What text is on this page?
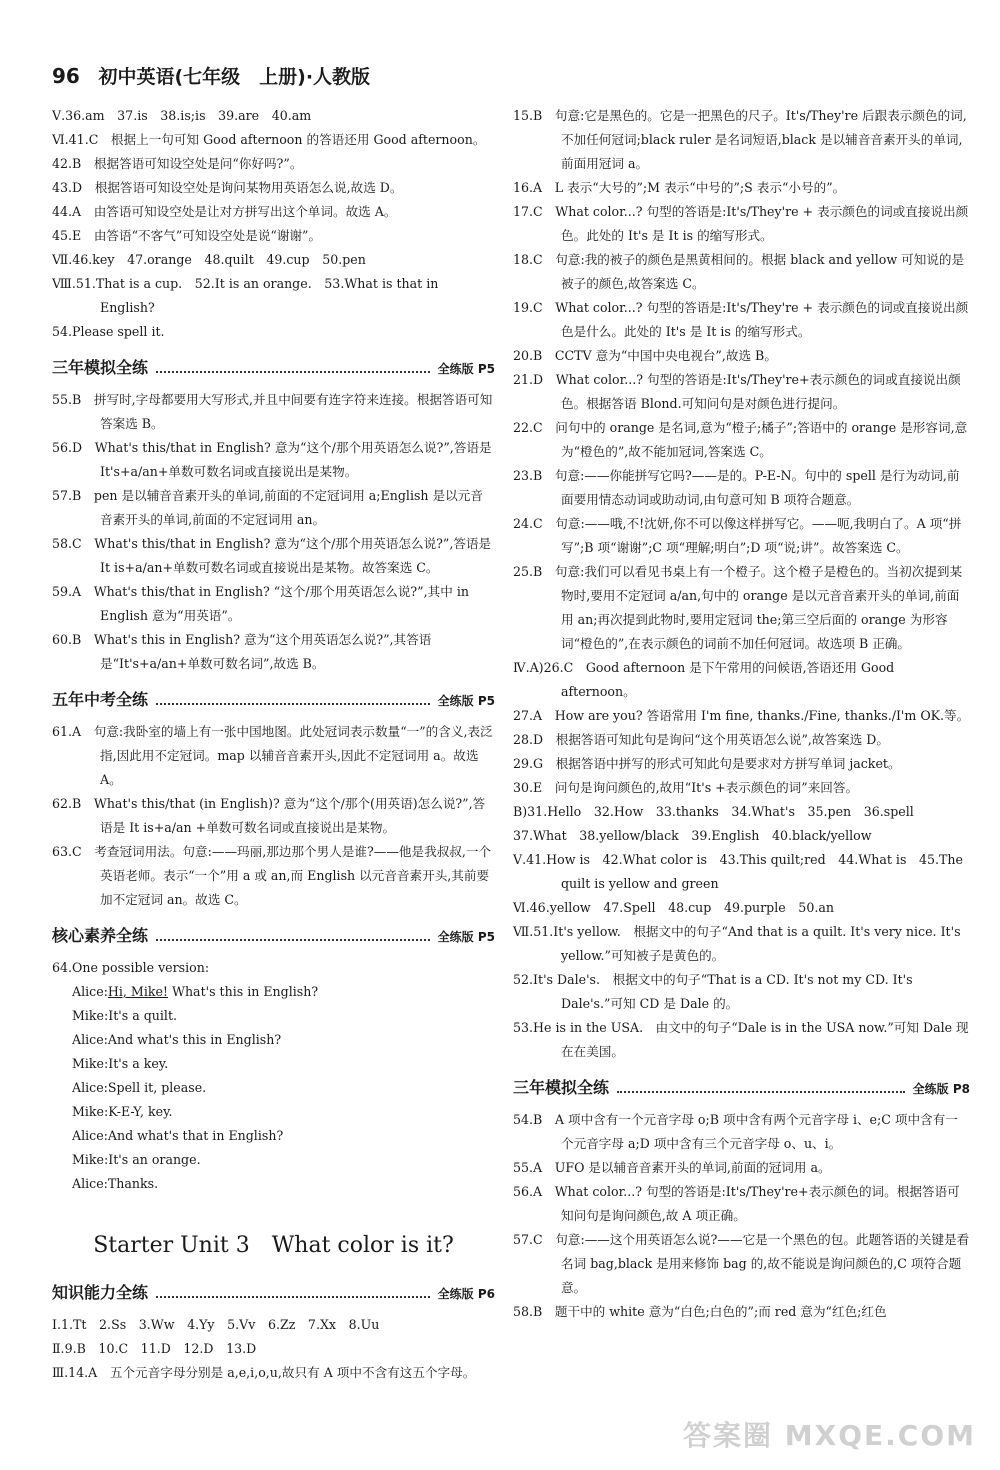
96 初中英语(七年级　上册)·人教版

Ⅴ.36.am　37.is　38.is;is　39.are　40.am

Ⅵ.41.C　根据上一句可知 Good afternoon 的答语还用 Good afternoon。

42.B　根据答语可知设空处是问“你好吗?”。

43.D　根据答语可知设空处是询问某物用英语怎么说,故选 D。

44.A　由答语可知设空处是让对方拼写出这个单词。故选 A。

45.E　由答语“不客气”可知设空处是说“谢谢”。

Ⅶ.46.key　47.orange　48.quilt　49.cup　50.pen

Ⅷ.51.That is a cup.　52.It is an orange.　53.What is that in English?

54.Please spell it.

三年模拟全练	全练版 P5

55.B　拼写时,字母都要用大写形式,并且中间要有连字符来连接。根据答语可知答案选 B。

56.D　What's this/that in English? 意为“这个/那个用英语怎么说?”,答语是 It's+a/an+单数可数名词或直接说出是某物。

57.B　pen 是以辅音音素开头的单词,前面的不定冠词用 a;English 是以元音音素开头的单词,前面的不定冠词用 an。

58.C　What's this/that in English? 意为“这个/那个用英语怎么说?”,答语是 It is+a/an+单数可数名词或直接说出是某物。故答案选 C。

59.A　What's this/that in English? “这个/那个用英语怎么说?”,其中 in English 意为“用英语”。

60.B　What's this in English? 意为“这个用英语怎么说?”,其答语是“It's+a/an+单数可数名词”,故选 B。

五年中考全练	全练版 P5

61.A　句意:我卧室的墙上有一张中国地图。此处冠词表示数量“一”的含义,表泛指,因此用不定冠词。map 以辅音音素开头,因此不定冠词用 a。故选 A。

62.B　What's this/that (in English)? 意为“这个/那个(用英语)怎么说?”,答语是 It is+a/an +单数可数名词或直接说出是某物。

63.C　考查冠词用法。句意:——玛丽,那边那个男人是谁?——他是我叔叔,一个英语老师。表示“一个”用 a 或 an,而 English 以元音音素开头,其前要加不定冠词 an。故选 C。

核心素养全练	全练版 P5

64.One possible version:

Alice:Hi, Mike! What's this in English?

Mike:It's a quilt.

Alice:And what's this in English?

Mike:It's a key.

Alice:Spell it, please.

Mike:K-E-Y, key.

Alice:And what's that in English?

Mike:It's an orange.

Alice:Thanks.

Starter Unit 3　What color is it?
知识能力全练	全练版 P6

Ⅰ.1.Tt　2.Ss　3.Ww　4.Yy　5.Vv　6.Zz　7.Xx　8.Uu

Ⅱ.9.B　10.C　11.D　12.D　13.D

Ⅲ.14.A　五个元音字母分别是 a,e,i,o,u,故只有 A 项中不含有这五个字母。

15.B　句意:它是黑色的。它是一把黑色的尺子。It's/They're 后跟表示颜色的词,不加任何冠词;black ruler 是名词短语,black 是以辅音音素开头的单词,前面用冠词 a。

16.A　L 表示“大号的”;M 表示“中号的”;S 表示“小号的”。

17.C　What color...? 句型的答语是:It's/They're + 表示颜色的词或直接说出颜色。此处的 It's 是 It is 的缩写形式。

18.C　句意:我的被子的颜色是黑黄相间的。根据 black and yellow 可知说的是被子的颜色,故答案选 C。

19.C　What color...? 句型的答语是:It's/They're + 表示颜色的词或直接说出颜色是什么。此处的 It's 是 It is 的缩写形式。

20.B　CCTV 意为“中国中央电视台”,故选 B。

21.D　What color...? 句型的答语是:It's/They're+表示颜色的词或直接说出颜色。根据答语 Blond.可知问句是对颜色进行提问。

22.C　问句中的 orange 是名词,意为“橙子;橘子”;答语中的 orange 是形容词,意为“橙色的”,故不能加冠词,答案选 C。

23.B　句意:——你能拼写它吗?——是的。P-E-N。句中的 spell 是行为动词,前面要用情态动词或助动词,由句意可知 B 项符合题意。

24.C　句意:——哦,不!沈妍,你不可以像这样拼写它。——呃,我明白了。A 项“拼写”;B 项“谢谢”;C 项“理解;明白”;D 项“说;讲”。故答案选 C。

25.B　句意:我们可以看见书桌上有一个橙子。这个橙子是橙色的。当初次提到某物时,要用不定冠词 a/an,句中的 orange 是以元音音素开头的单词,前面用 an;再次提到此物时,要用定冠词 the;第三空后面的 orange 为形容词“橙色的”,在表示颜色的词前不加任何冠词。故选项 B 正确。

Ⅳ.A)26.C　Good afternoon 是下午常用的问候语,答语还用 Good afternoon。

27.A　How are you? 答语常用 I'm fine, thanks./Fine, thanks./I'm OK.等。

28.D　根据答语可知此句是询问“这个用英语怎么说”,故答案选 D。

29.G　根据答语中拼写的形式可知此句是要求对方拼写单词 jacket。

30.E　问句是询问颜色的,故用“It's +表示颜色的词”来回答。

B)31.Hello　32.How　33.thanks　34.What's　35.pen　36.spell

37.What　38.yellow/black　39.English　40.black/yellow

Ⅴ.41.How is　42.What color is　43.This quilt;red　44.What is　45.The quilt is yellow and green

Ⅵ.46.yellow　47.Spell　48.cup　49.purple　50.an

Ⅶ.51.It's yellow.　根据文中的句子“And that is a quilt. It's very nice. It's yellow.”可知被子是黄色的。

52.It's Dale's.　根据文中的句子“That is a CD. It's not my CD. It's Dale's.”可知 CD 是 Dale 的。

53.He is in the USA.　由文中的句子“Dale is in the USA now.”可知 Dale 现在在美国。

三年模拟全练	全练版 P8

54.B　A 项中含有一个元音字母 o;B 项中含有两个元音字母 i、e;C 项中含有一个元音字母 a;D 项中含有三个元音字母 o、u、i。

55.A　UFO 是以辅音音素开头的单词,前面的冠词用 a。

56.A　What color...? 句型的答语是:It's/They're+表示颜色的词。根据答语可知问句是询问颜色,故 A 项正确。

57.C　句意:——这个用英语怎么说?——它是一个黑色的包。此题答语的关键是看名词 bag,black 是用来修饰 bag 的,故不能说是询问颜色的,C 项符合题意。

58.B　题干中的 white 意为“白色;白色的”;而 red 意为“红色;红色

答案圈 MXQE.COM
